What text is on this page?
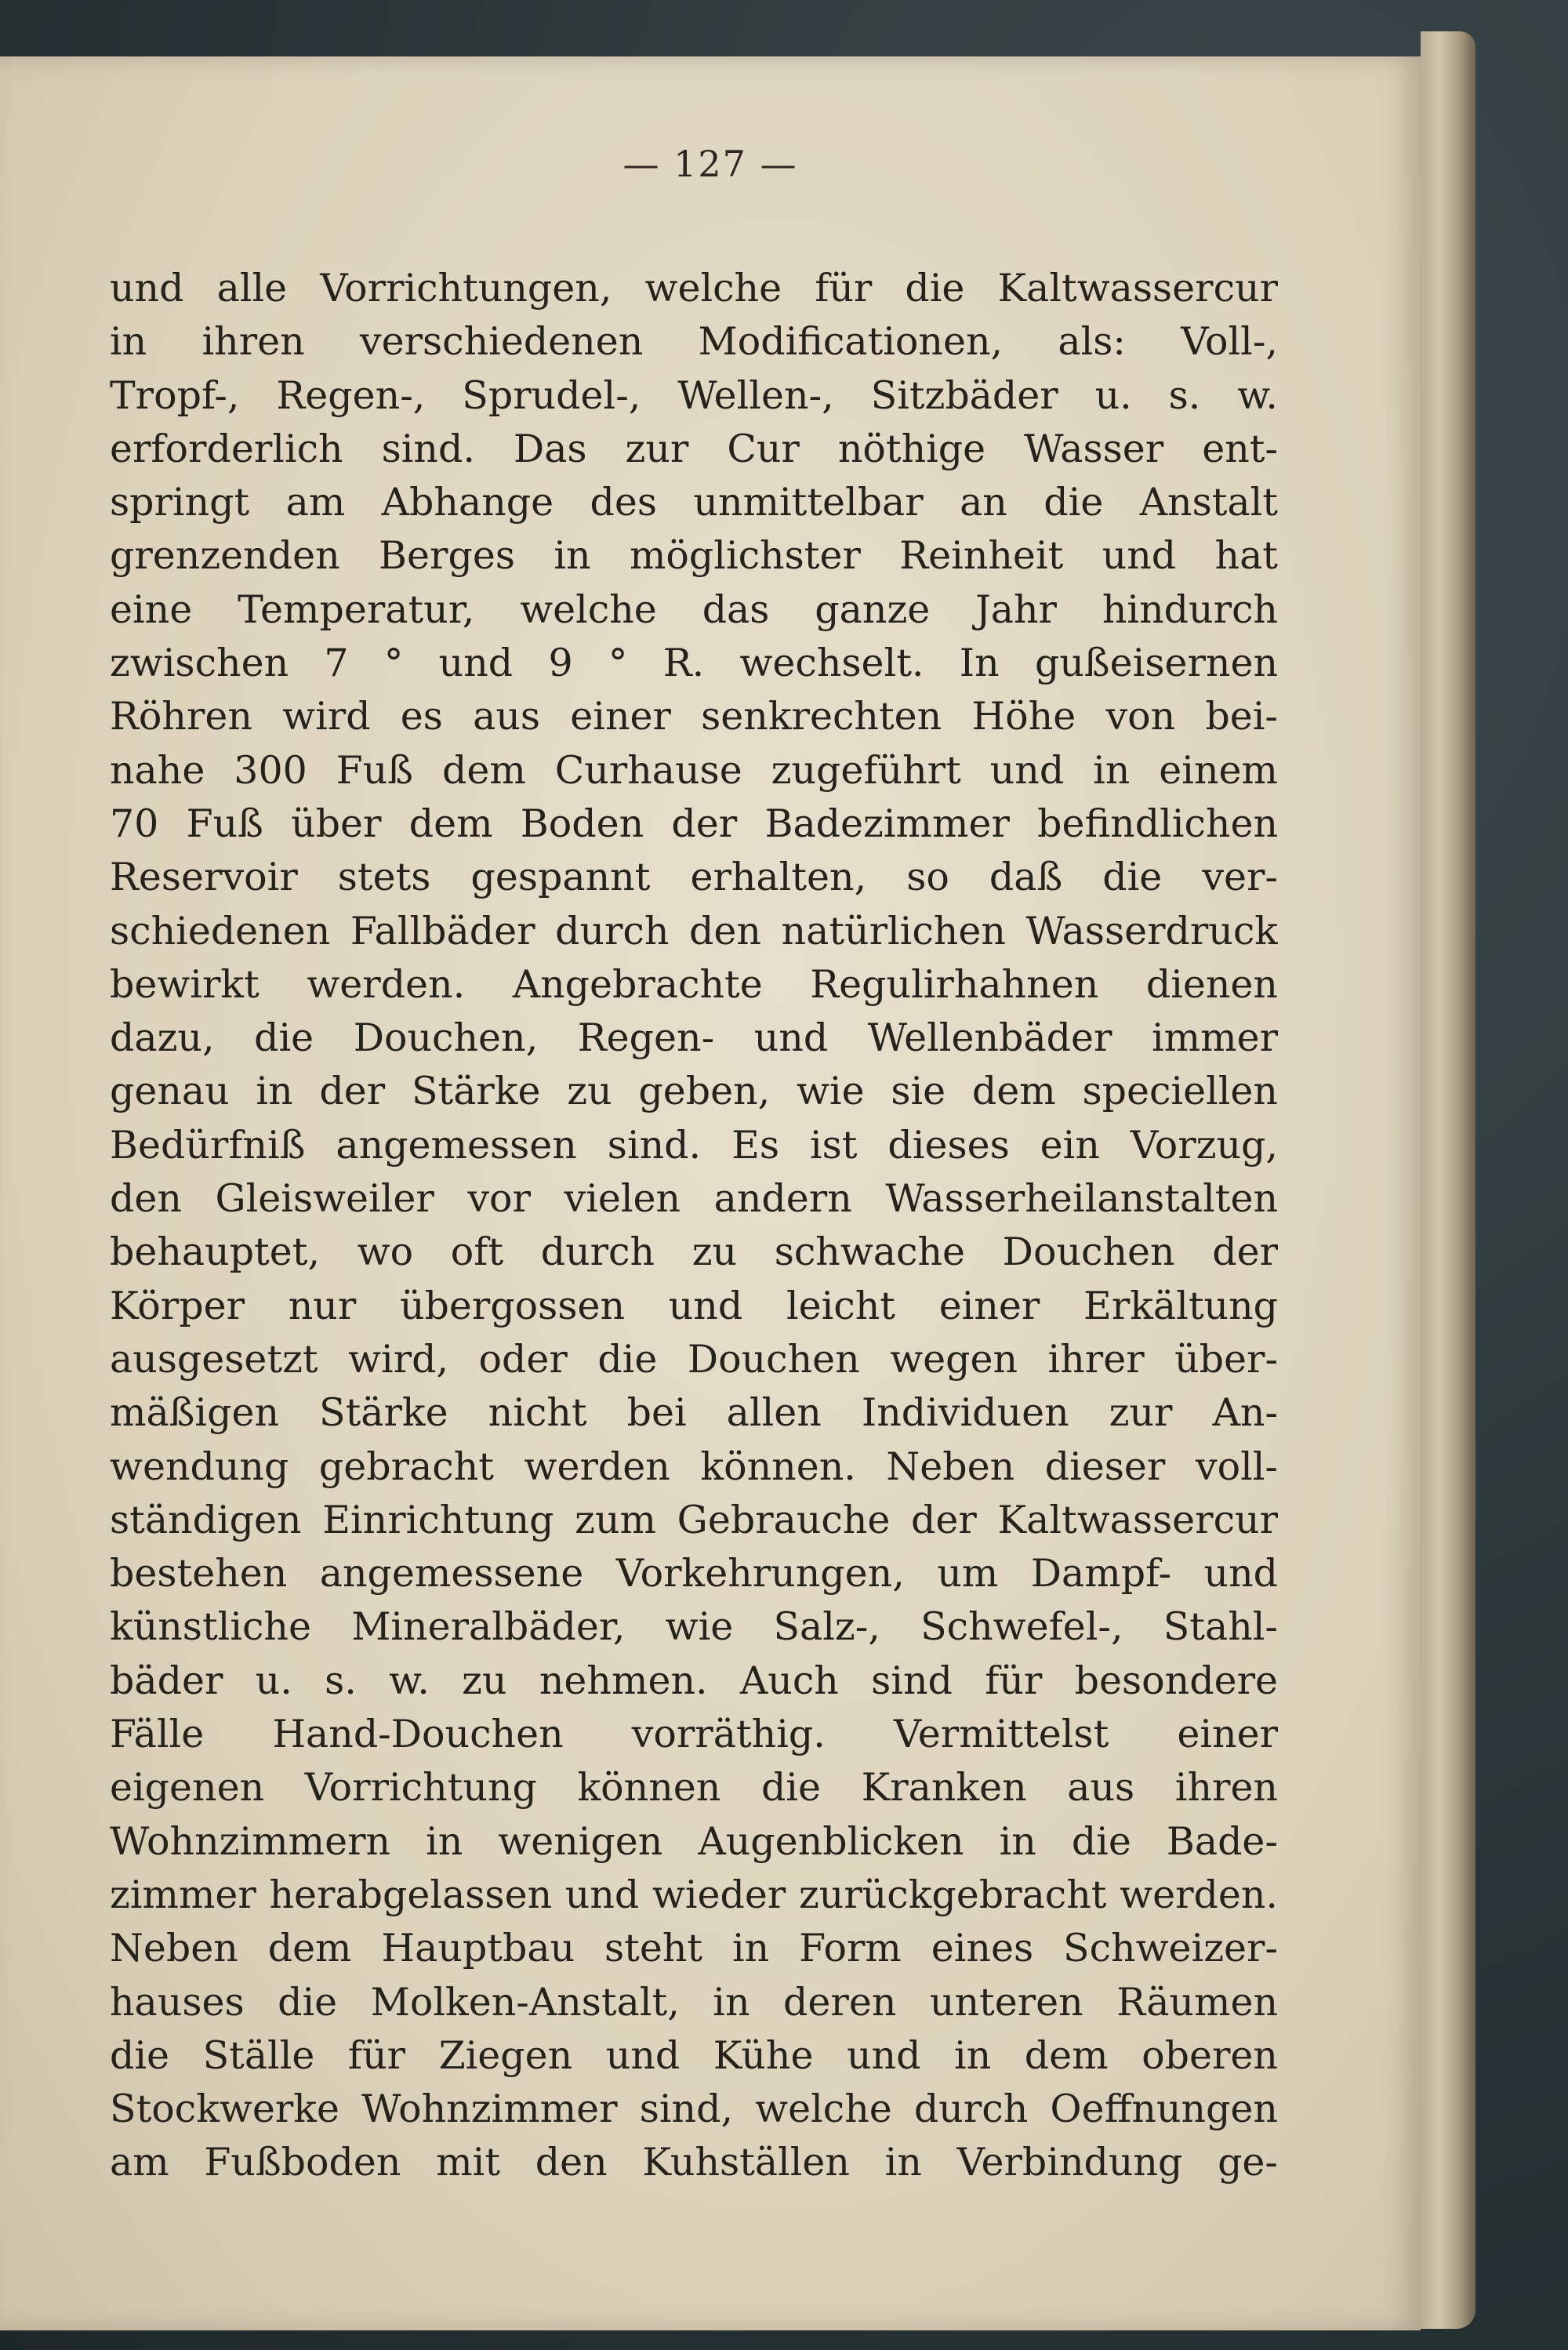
— 127 —
und alle Vorrichtungen, welche für die Kaltwassercur
in ihren verschiedenen Modificationen, als: Voll-,
Tropf-, Regen-, Sprudel-, Wellen-, Sitzbäder u. s. w.
erforderlich sind. Das zur Cur nöthige Wasser ent-
springt am Abhange des unmittelbar an die Anstalt
grenzenden Berges in möglichster Reinheit und hat
eine Temperatur, welche das ganze Jahr hindurch
zwischen 7 ° und 9 ° R. wechselt. In gußeisernen
Röhren wird es aus einer senkrechten Höhe von bei-
nahe 300 Fuß dem Curhause zugeführt und in einem
70 Fuß über dem Boden der Badezimmer befindlichen
Reservoir stets gespannt erhalten, so daß die ver-
schiedenen Fallbäder durch den natürlichen Wasserdruck
bewirkt werden. Angebrachte Regulirhahnen dienen
dazu, die Douchen, Regen- und Wellenbäder immer
genau in der Stärke zu geben, wie sie dem speciellen
Bedürfniß angemessen sind. Es ist dieses ein Vorzug,
den Gleisweiler vor vielen andern Wasserheilanstalten
behauptet, wo oft durch zu schwache Douchen der
Körper nur übergossen und leicht einer Erkältung
ausgesetzt wird, oder die Douchen wegen ihrer über-
mäßigen Stärke nicht bei allen Individuen zur An-
wendung gebracht werden können. Neben dieser voll-
ständigen Einrichtung zum Gebrauche der Kaltwassercur
bestehen angemessene Vorkehrungen, um Dampf- und
künstliche Mineralbäder, wie Salz-, Schwefel-, Stahl-
bäder u. s. w. zu nehmen. Auch sind für besondere
Fälle Hand-Douchen vorräthig. Vermittelst einer
eigenen Vorrichtung können die Kranken aus ihren
Wohnzimmern in wenigen Augenblicken in die Bade-
zimmer herabgelassen und wieder zurückgebracht werden.
Neben dem Hauptbau steht in Form eines Schweizer-
hauses die Molken-Anstalt, in deren unteren Räumen
die Ställe für Ziegen und Kühe und in dem oberen
Stockwerke Wohnzimmer sind, welche durch Oeffnungen
am Fußboden mit den Kuhställen in Verbindung ge-
